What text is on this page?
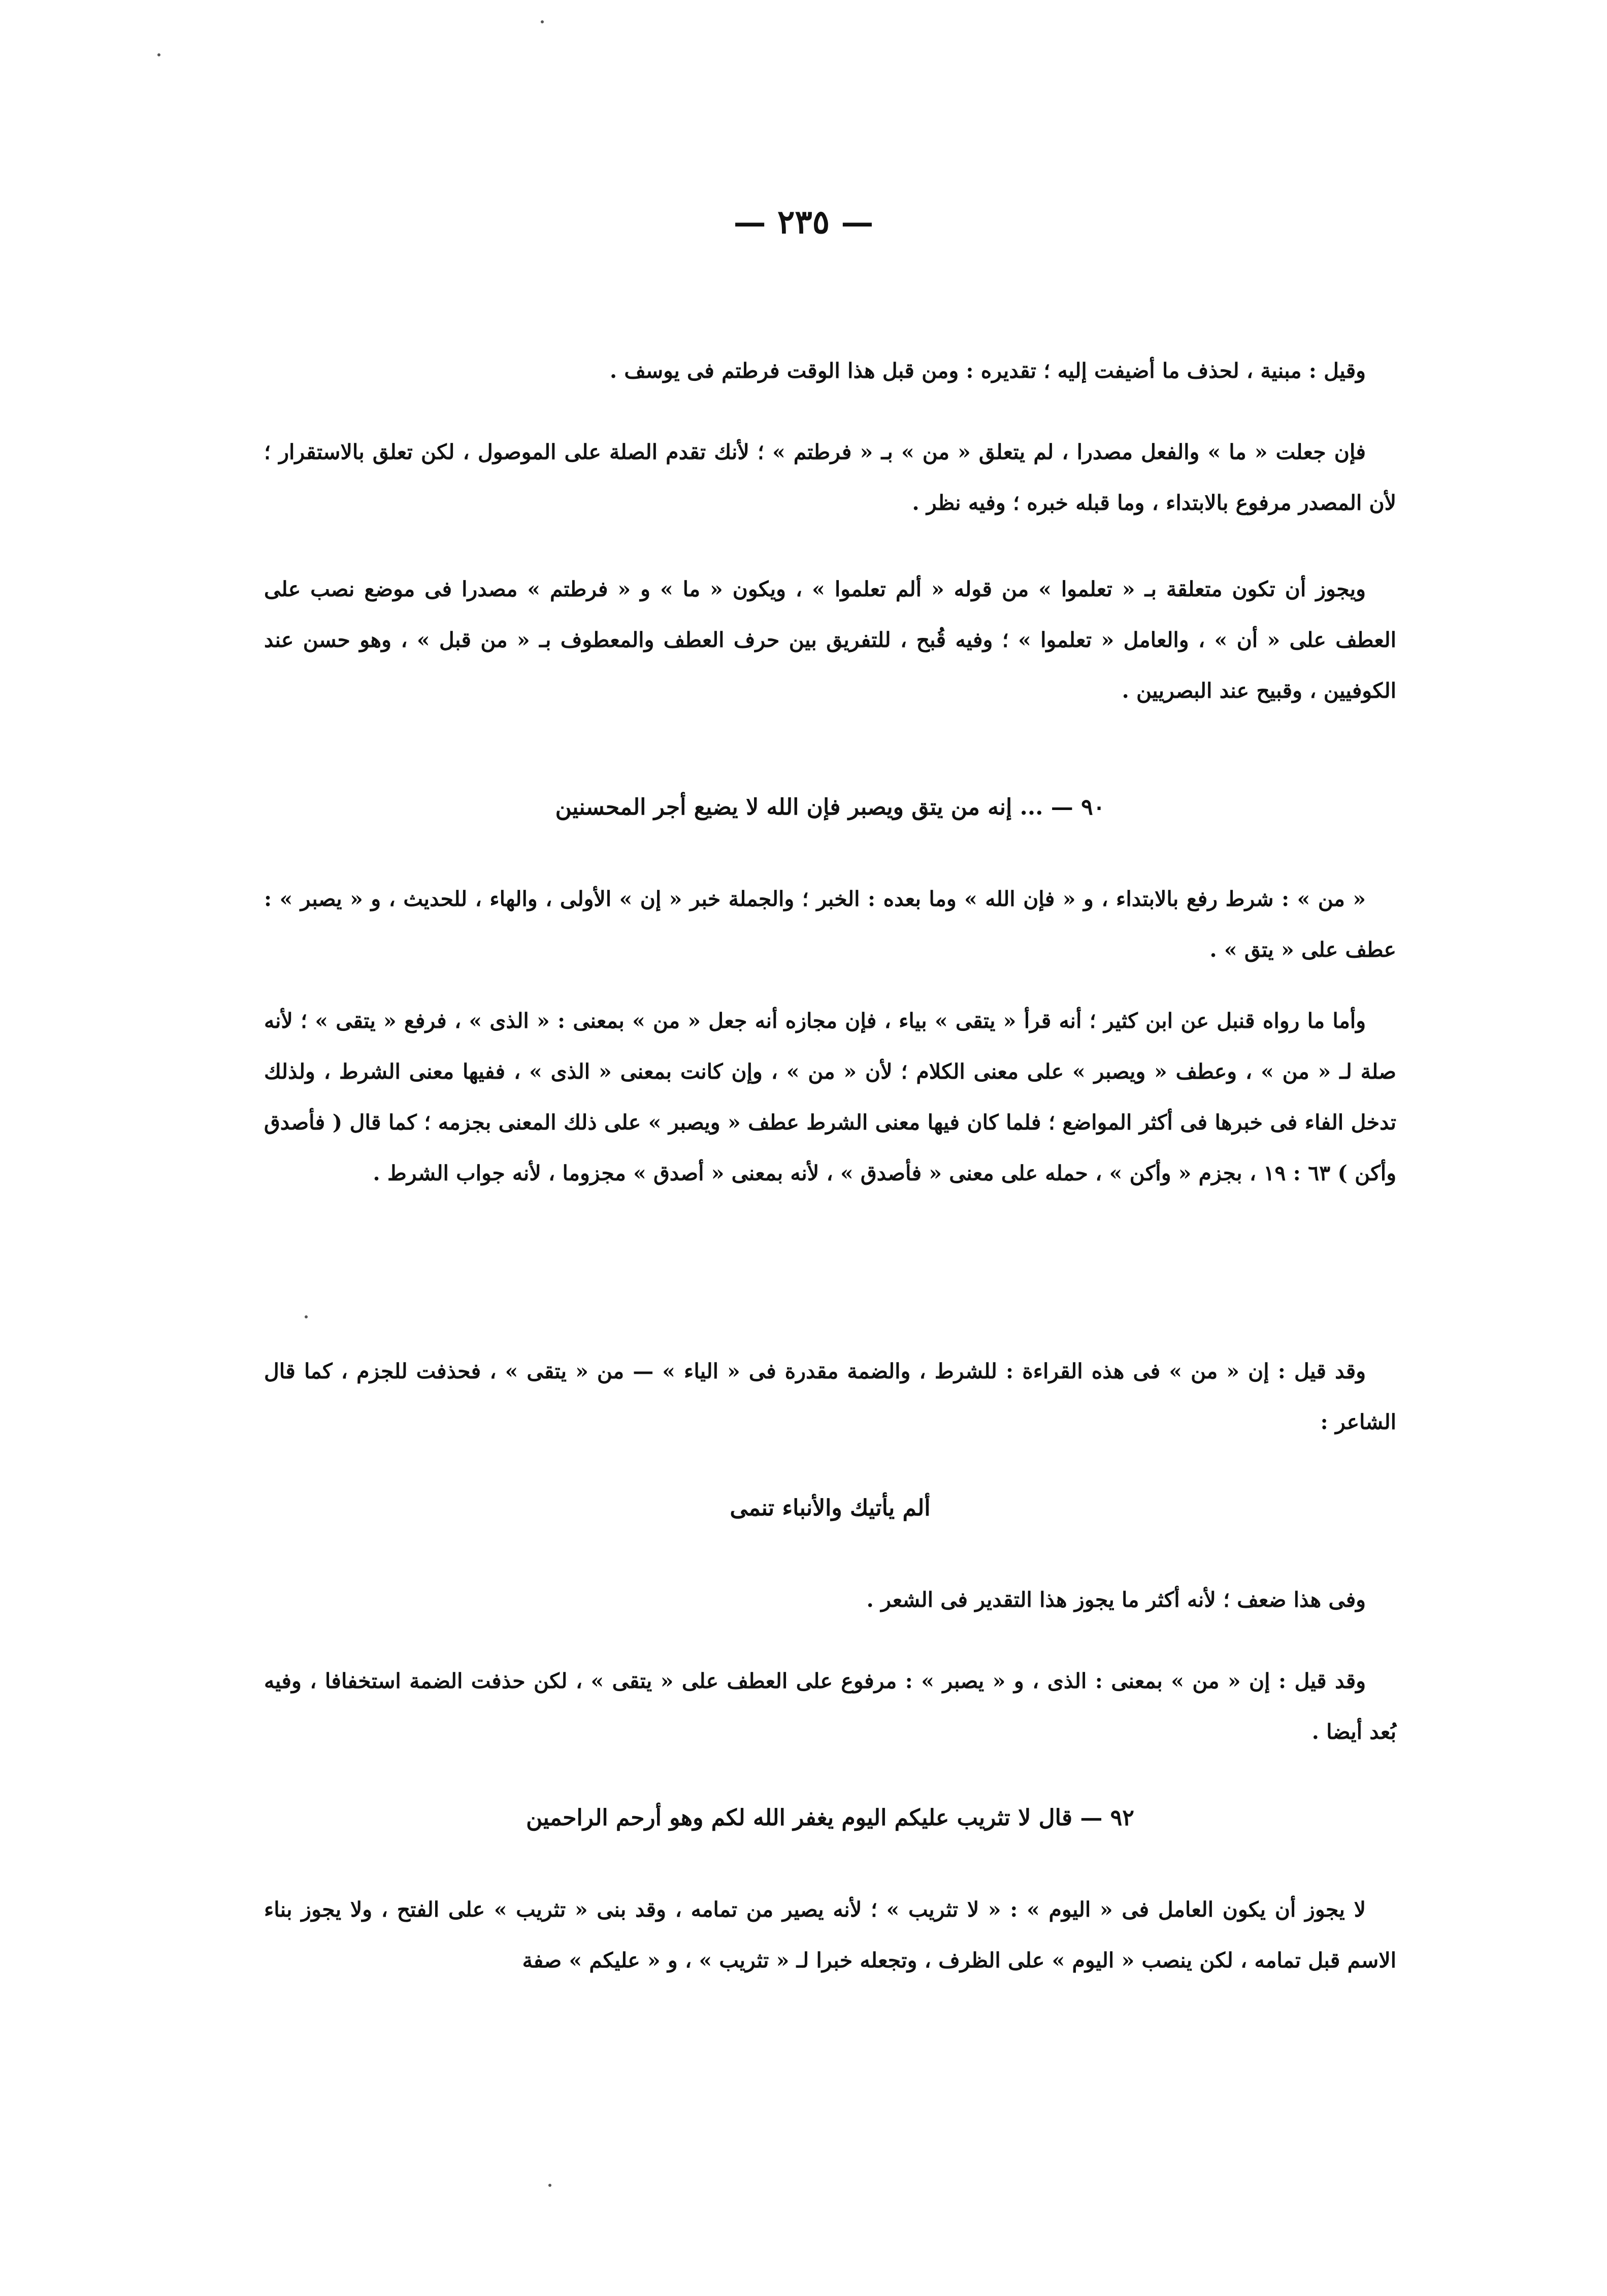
— ٢٣٥ —
وقيل : مبنية ، لحذف ما أضيفت إليه ؛ تقديره : ومن قبل هذا الوقت فرطتم فى يوسف .
فإن جعلت « ما » والفعل مصدرا ، لم يتعلق « من » بـ « فرطتم » ؛ لأنك تقدم الصلة على الموصول ، لكن تعلق بالاستقرار ؛ لأن المصدر مرفوع بالابتداء ، وما قبله خبره ؛ وفيه نظر .
ويجوز أن تكون متعلقة بـ « تعلموا » من قوله « ألم تعلموا » ، ويكون « ما » و « فرطتم » مصدرا فى موضع نصب على العطف على « أن » ، والعامل « تعلموا » ؛ وفيه قُبح ، للتفريق بين حرف العطف والمعطوف بـ « من قبل » ، وهو حسن عند الكوفيين ، وقبيح عند البصريين .
٩٠ — ... إنه من يتق ويصبر فإن الله لا يضيع أجر المحسنين
« من » : شرط رفع بالابتداء ، و « فإن الله » وما بعده : الخبر ؛ والجملة خبر « إن » الأولى ، والهاء ، للحديث ، و « يصبر » : عطف على « يتق » .
وأما ما رواه قنبل عن ابن كثير ؛ أنه قرأ « يتقى » بياء ، فإن مجازه أنه جعل « من » بمعنى : « الذى » ، فرفع « يتقى » ؛ لأنه صلة لـ « من » ، وعطف « ويصبر » على معنى الكلام ؛ لأن « من » ، وإن كانت بمعنى « الذى » ، ففيها معنى الشرط ، ولذلك تدخل الفاء فى خبرها فى أكثر المواضع ؛ فلما كان فيها معنى الشرط عطف « ويصبر » على ذلك المعنى بجزمه ؛ كما قال ( فأصدق وأكن ) ٦٣ : ١٩ ، بجزم « وأكن » ، حمله على معنى « فأصدق » ، لأنه بمعنى « أصدق » مجزوما ، لأنه جواب الشرط .
وقد قيل : إن « من » فى هذه القراءة : للشرط ، والضمة مقدرة فى « الياء » — من « يتقى » ، فحذفت للجزم ، كما قال الشاعر :
ألم يأتيك والأنباء تنمى
وفى هذا ضعف ؛ لأنه أكثر ما يجوز هذا التقدير فى الشعر .
وقد قيل : إن « من » بمعنى : الذى ، و « يصبر » : مرفوع على العطف على « يتقى » ، لكن حذفت الضمة استخفافا ، وفيه بُعد أيضا .
٩٢ — قال لا تثريب عليكم اليوم يغفر الله لكم وهو أرحم الراحمين
لا يجوز أن يكون العامل فى « اليوم » : « لا تثريب » ؛ لأنه يصير من تمامه ، وقد بنى « تثريب » على الفتح ، ولا يجوز بناء الاسم قبل تمامه ، لكن ينصب « اليوم » على الظرف ، وتجعله خبرا لـ « تثريب » ، و « عليكم » صفة
